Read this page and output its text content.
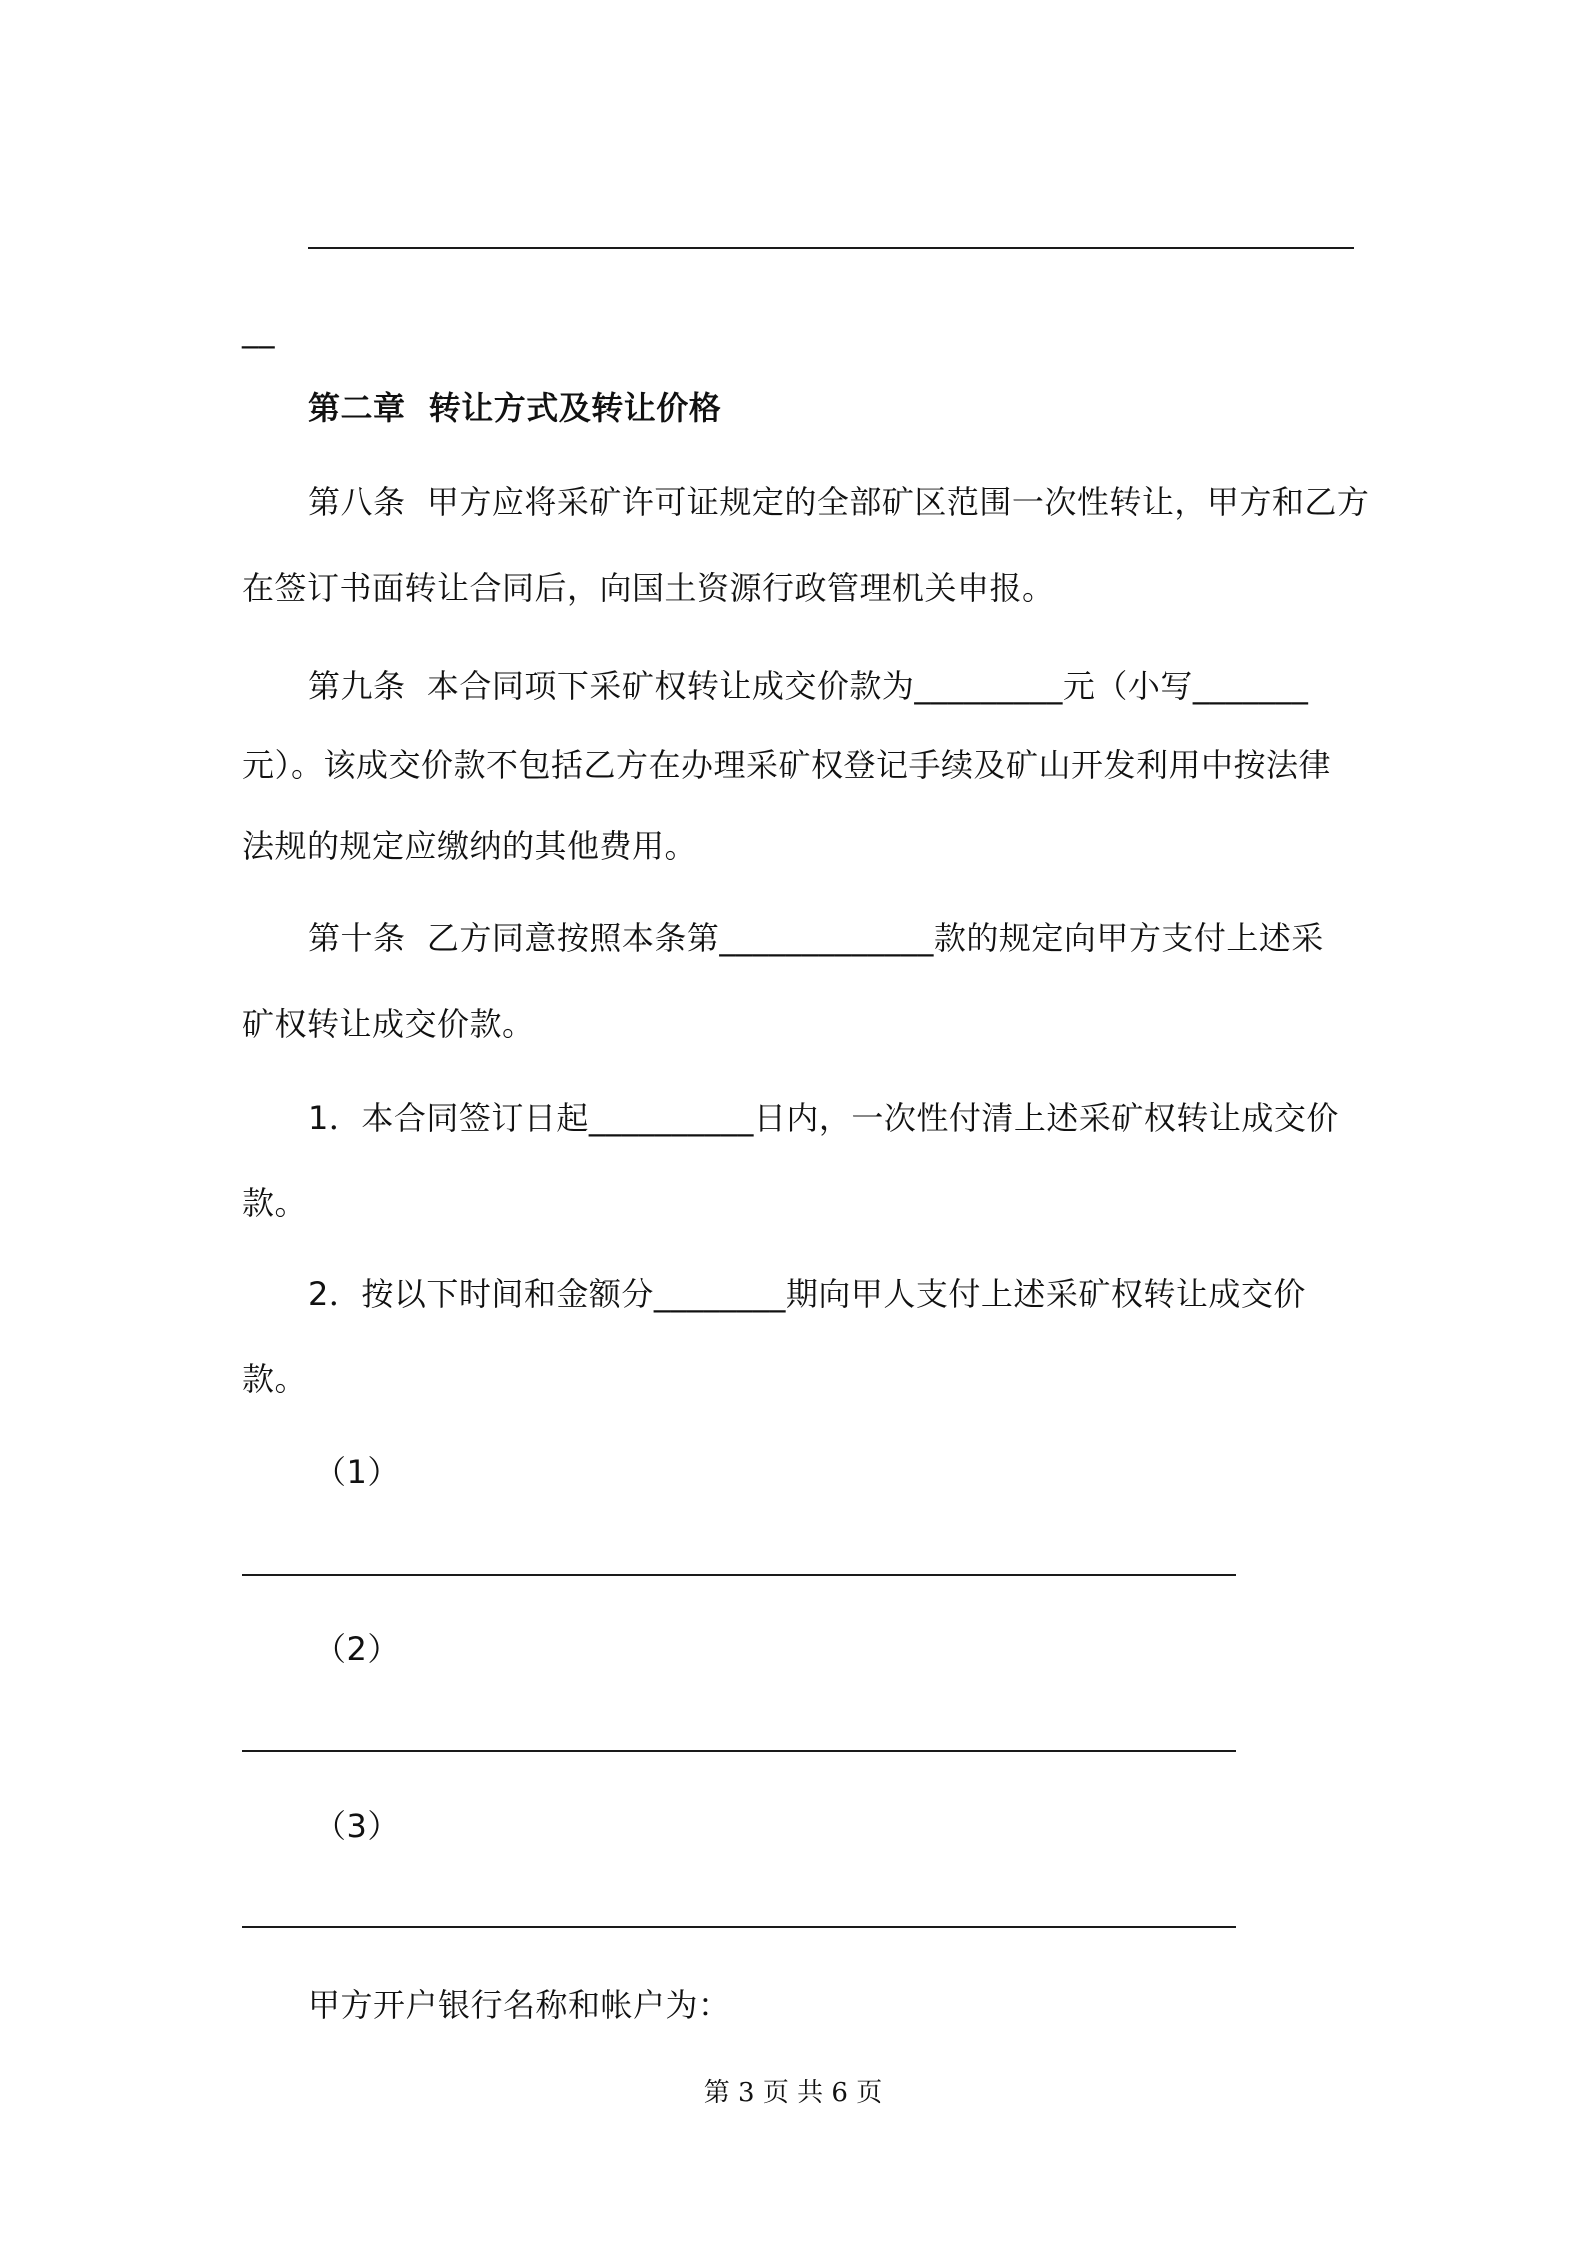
__
第二章  转让方式及转让价格
第八条  甲方应将采矿许可证规定的全部矿区范围一次性转让，甲方和乙方
在签订书面转让合同后，向国土资源行政管理机关申报。
第九条  本合同项下采矿权转让成交价款为_________元（小写_______
元）。该成交价款不包括乙方在办理采矿权登记手续及矿山开发利用中按法律
法规的规定应缴纳的其他费用。
第十条  乙方同意按照本条第_____________款的规定向甲方支付上述采
矿权转让成交价款。
1．本合同签订日起__________日内，一次性付清上述采矿权转让成交价
款。
2．按以下时间和金额分________期向甲人支付上述采矿权转让成交价
款。
（1）
（2）
（3）
甲方开户银行名称和帐户为：
第 3 页 共 6 页
